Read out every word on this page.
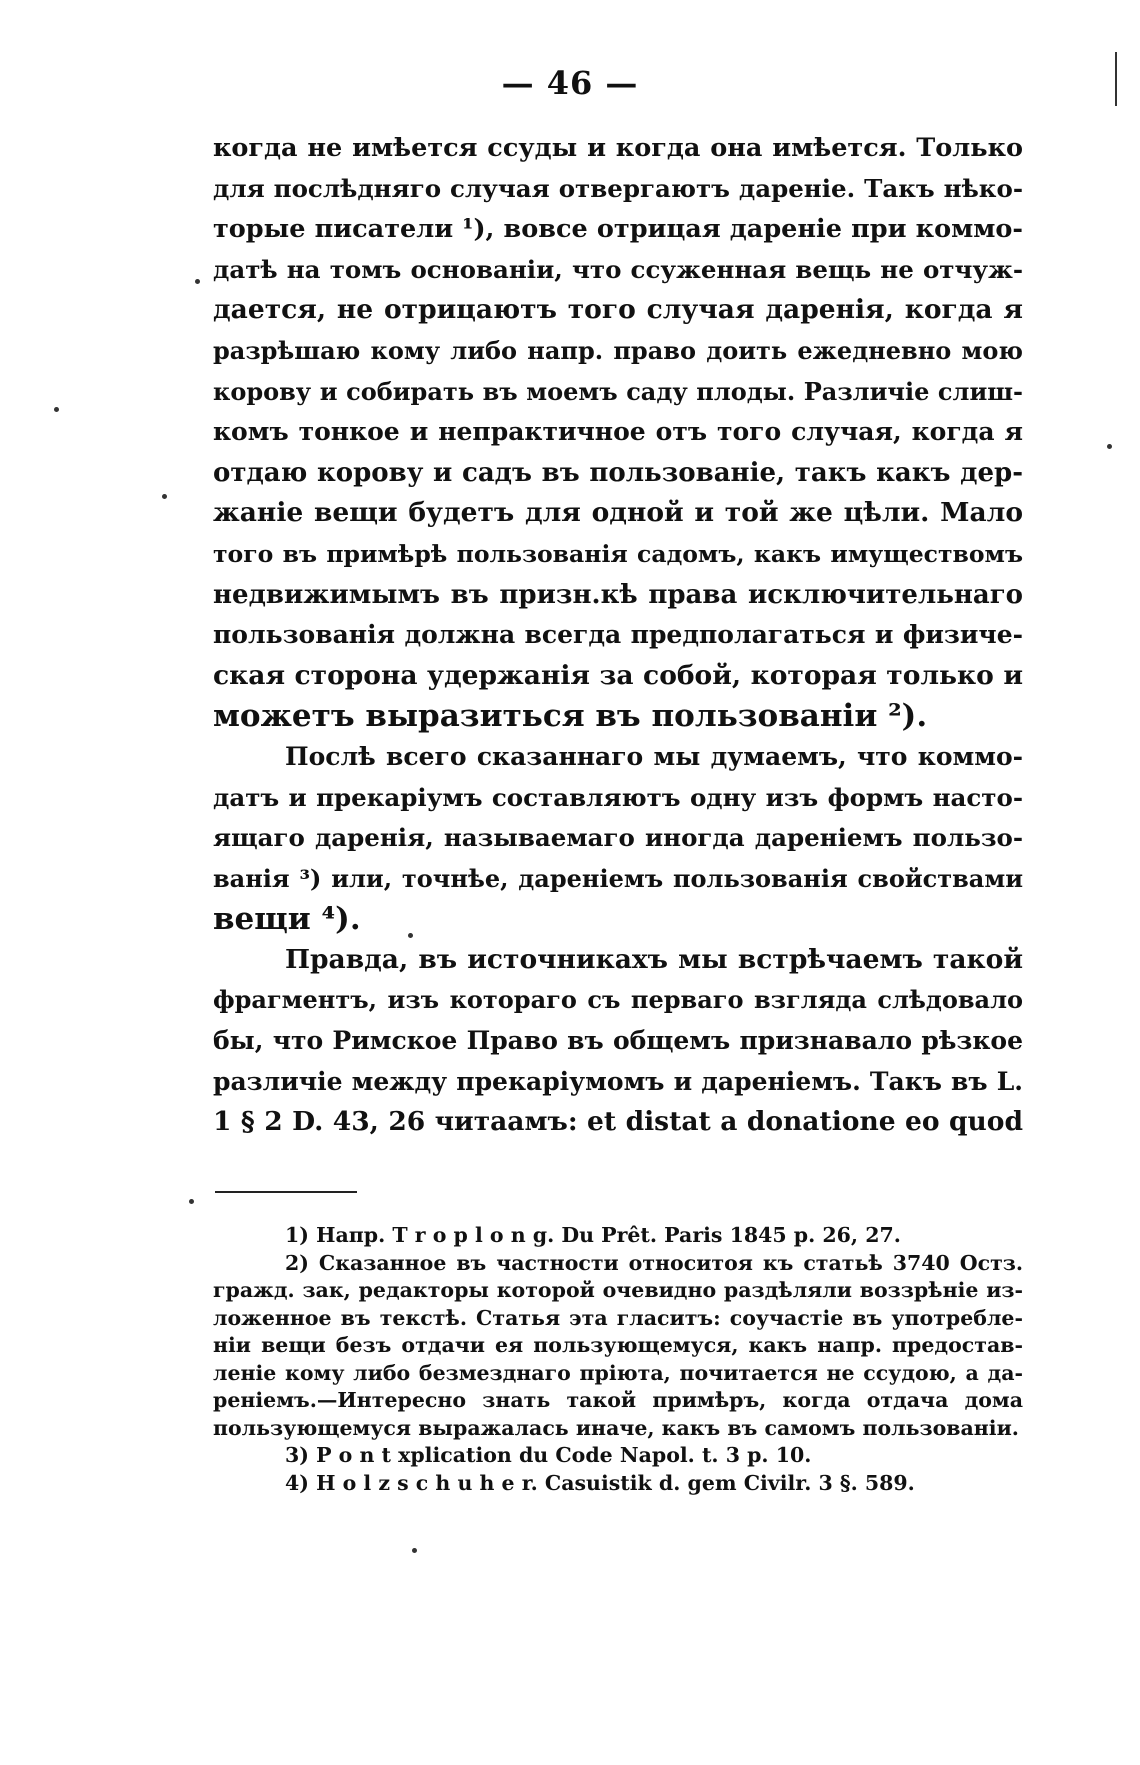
— 46 —
когда не имѣется ссуды и когда она имѣется. Только
для послѣдняго случая отвергаютъ дареніе. Такъ нѣко-
торые писатели ¹), вовсе отрицая дареніе при коммо-
датѣ на томъ основаніи, что ссуженная вещь не отчуж-
дается, не отрицаютъ того случая даренія, когда я
разрѣшаю кому либо напр. право доить ежедневно мою
корову и собирать въ моемъ саду плоды. Различіе слиш-
комъ тонкое и непрактичное отъ того случая, когда я
отдаю корову и садъ въ пользованіе, такъ какъ дер-
жаніе вещи будетъ для одной и той же цѣли. Мало
того въ примѣрѣ пользованія садомъ, какъ имуществомъ
недвижимымъ въ призн.кѣ права исключительнаго
пользованія должна всегда предполагаться и физиче-
ская сторона удержанія за собой, которая только и
можетъ выразиться въ пользованіи ²).
Послѣ всего сказаннаго мы думаемъ, что коммо-
датъ и прекаріумъ составляютъ одну изъ формъ насто-
ящаго даренія, называемаго иногда дареніемъ пользо-
ванія ³) или, точнѣе, дареніемъ пользованія свойствами
вещи ⁴).
Правда, въ источникахъ мы встрѣчаемъ такой
фрагментъ, изъ котораго съ перваго взгляда слѣдовало
бы, что Римское Право въ общемъ признавало рѣзкое
различіе между прекаріумомъ и дареніемъ. Такъ въ L.
1 § 2 D. 43, 26 читаамъ: et distat a donatione eo quod
1) Напр. T r o p l o n g. Du Prêt. Paris 1845 p. 26, 27.
2) Сказанное въ частности относитоя къ статьѣ 3740 Остз.
гражд. зак, редакторы которой очевидно раздѣляли воззрѣніе из-
ложенное въ текстѣ. Статья эта гласитъ: соучастіе въ употребле-
ніи вещи безъ отдачи ея пользующемуся, какъ напр. предостав-
леніе кому либо безмезднаго пріюта, почитается не ссудою, а да-
реніемъ.—Интересно знать такой примѣръ, когда отдача дома
пользующемуся выражалась иначе, какъ въ самомъ пользованіи.
3) P o n t xplication du Code Napol. t. 3 p. 10.
4) H o l z s c h u h e r. Casuistik d. gem Civilr. 3 §. 589.
